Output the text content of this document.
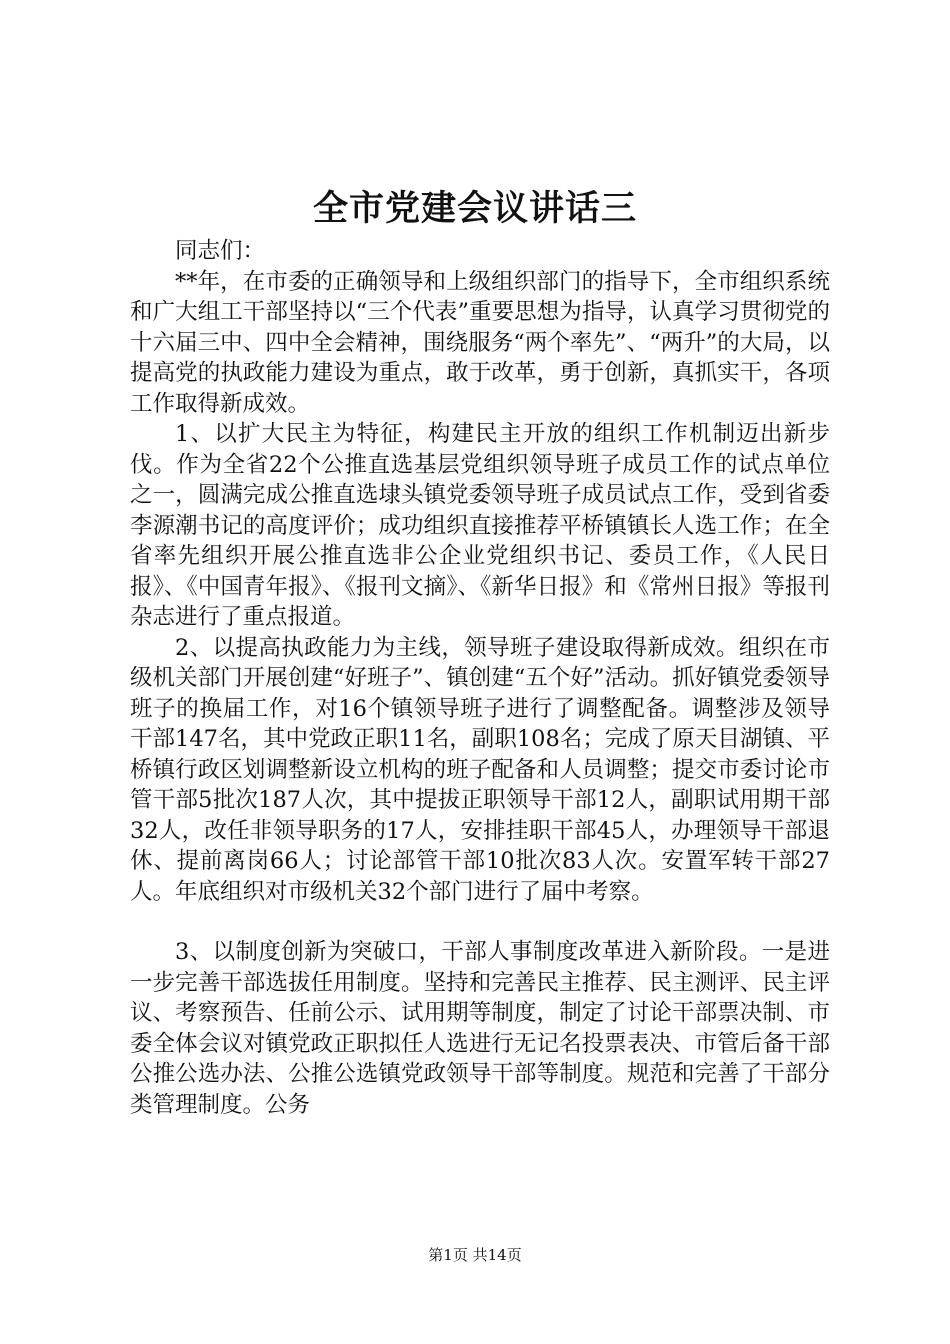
全市党建会议讲话三

同志们：

**年，在市委的正确领导和上级组织部门的指导下，全市组织系统和广大组工干部坚持以“三个代表”重要思想为指导，认真学习贯彻党的十六届三中、四中全会精神，围绕服务“两个率先”、“两升”的大局，以提高党的执政能力建设为重点，敢于改革，勇于创新，真抓实干，各项工作取得新成效。

1、以扩大民主为特征，构建民主开放的组织工作机制迈出新步伐。作为全省22个公推直选基层党组织领导班子成员工作的试点单位之一，圆满完成公推直选埭头镇党委领导班子成员试点工作，受到省委李源潮书记的高度评价；成功组织直接推荐平桥镇镇长人选工作；在全省率先组织开展公推直选非公企业党组织书记、委员工作，《人民日报》、《中国青年报》、《报刊文摘》、《新华日报》和《常州日报》等报刊杂志进行了重点报道。

2、以提高执政能力为主线，领导班子建设取得新成效。组织在市级机关部门开展创建“好班子”、镇创建“五个好”活动。抓好镇党委领导班子的换届工作，对16个镇领导班子进行了调整配备。调整涉及领导干部147名，其中党政正职11名，副职108名；完成了原天目湖镇、平桥镇行政区划调整新设立机构的班子配备和人员调整；提交市委讨论市管干部5批次187人次，其中提拔正职领导干部12人，副职试用期干部32人，改任非领导职务的17人，安排挂职干部45人，办理领导干部退休、提前离岗66人；讨论部管干部10批次83人次。安置军转干部27人。年底组织对市级机关32个部门进行了届中考察。

3、以制度创新为突破口，干部人事制度改革进入新阶段。一是进一步完善干部选拔任用制度。坚持和完善民主推荐、民主测评、民主评议、考察预告、任前公示、试用期等制度，制定了讨论干部票决制、市委全体会议对镇党政正职拟任人选进行无记名投票表决、市管后备干部公推公选办法、公推公选镇党政领导干部等制度。规范和完善了干部分类管理制度。公务

第1页 共14页
